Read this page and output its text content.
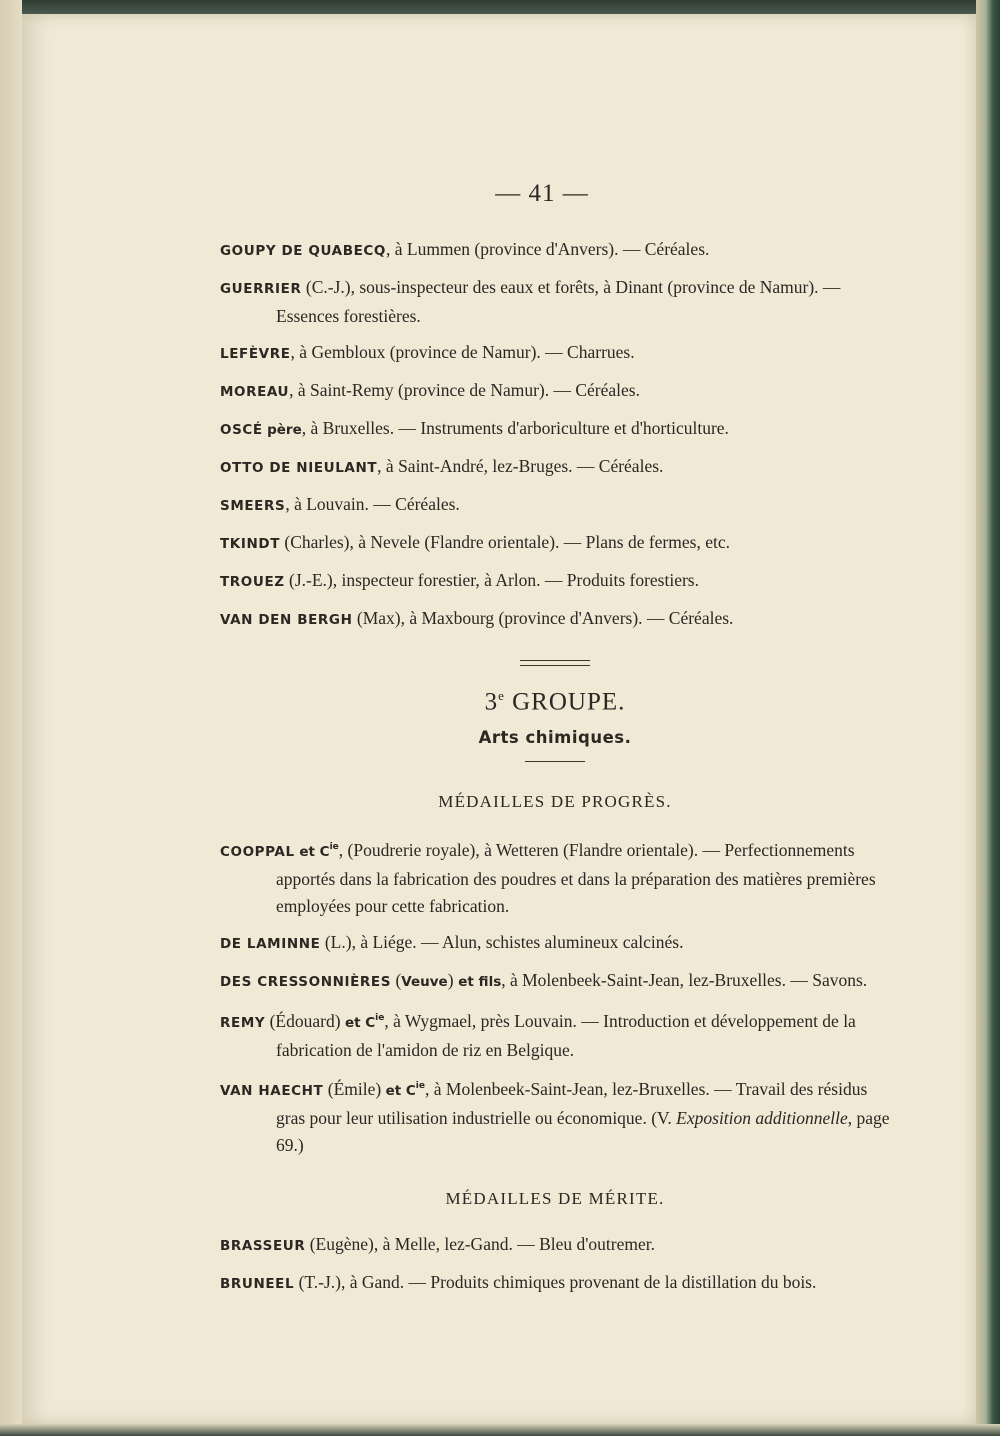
— 41 —

GOUPY DE QUABECQ, à Lummen (province d'Anvers). — Céréales.

GUERRIER (C.-J.), sous-inspecteur des eaux et forêts, à Dinant (province de Namur). — Essences forestières.

LEFÈVRE, à Gembloux (province de Namur). — Charrues.

MOREAU, à Saint-Remy (province de Namur). — Céréales.

OSCÉ père, à Bruxelles. — Instruments d'arboriculture et d'horticulture.

OTTO DE NIEULANT, à Saint-André, lez-Bruges. — Céréales.

SMEERS, à Louvain. — Céréales.

TKINDT (Charles), à Nevele (Flandre orientale). — Plans de fermes, etc.

TROUEZ (J.-E.), inspecteur forestier, à Arlon. — Produits forestiers.

VAN DEN BERGH (Max), à Maxbourg (province d'Anvers). — Céréales.

3e GROUPE.
Arts chimiques.
MÉDAILLES DE PROGRÈS.

COOPPAL et $C^{ie}$, (Poudrerie royale), à Wetteren (Flandre orientale). — Perfectionnements apportés dans la fabrication des poudres et dans la préparation des matières premières employées pour cette fabrication.

DE LAMINNE (L.), à Liége. — Alun, schistes alumineux calcinés.

DES CRESSONNIÈRES (Veuve) et fils, à Molenbeek-Saint-Jean, lez-Bruxelles. — Savons.

REMY (Édouard) et $C^{ie}$, à Wygmael, près Louvain. — Introduction et développement de la fabrication de l'amidon de riz en Belgique.

VAN HAECHT (Émile) et $C^{ie}$, à Molenbeek-Saint-Jean, lez-Bruxelles. — Travail des résidus gras pour leur utilisation industrielle ou économique. (V. Exposition additionnelle, page 69.)

MÉDAILLES DE MÉRITE.

BRASSEUR (Eugène), à Melle, lez-Gand. — Bleu d'outremer.

BRUNEEL (T.-J.), à Gand. — Produits chimiques provenant de la distillation du bois.
